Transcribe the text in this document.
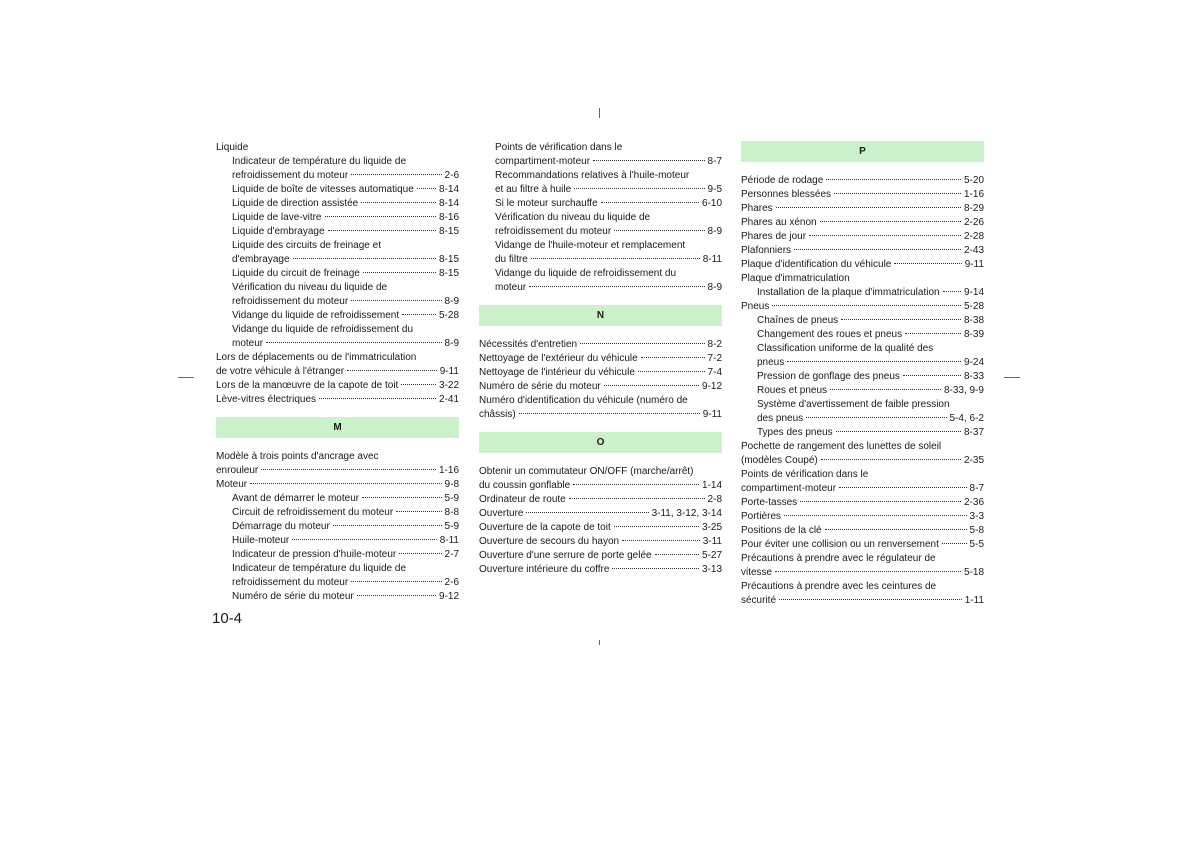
Liquide
Indicateur de température du liquide de
refroidissement du moteur	2-6
Liquide de boîte de vitesses automatique	8-14
Liquide de direction assistée	8-14
Liquide de lave-vitre	8-16
Liquide d'embrayage	8-15
Liquide des circuits de freinage et
d'embrayage	8-15
Liquide du circuit de freinage	8-15
Vérification du niveau du liquide de
refroidissement du moteur	8-9
Vidange du liquide de refroidissement	5-28
Vidange du liquide de refroidissement du
moteur	8-9
Lors de déplacements ou de l'immatriculation
de votre véhicule à l'étranger	9-11
Lors de la manœuvre de la capote de toit	3-22
Lève-vitres électriques	2-41
M
Modèle à trois points d'ancrage avec
enrouleur	1-16
Moteur	9-8
Avant de démarrer le moteur	5-9
Circuit de refroidissement du moteur	8-8
Démarrage du moteur	5-9
Huile-moteur	8-11
Indicateur de pression d'huile-moteur	2-7
Indicateur de température du liquide de
refroidissement du moteur	2-6
Numéro de série du moteur	9-12
Points de vérification dans le
compartiment-moteur	8-7
Recommandations relatives à l'huile-moteur
et au filtre à huile	9-5
Si le moteur surchauffe	6-10
Vérification du niveau du liquide de
refroidissement du moteur	8-9
Vidange de l'huile-moteur et remplacement
du filtre	8-11
Vidange du liquide de refroidissement du
moteur	8-9
N
Nécessités d'entretien	8-2
Nettoyage de l'extérieur du véhicule	7-2
Nettoyage de l'intérieur du véhicule	7-4
Numéro de série du moteur	9-12
Numéro d'identification du véhicule (numéro de
châssis)	9-11
O
Obtenir un commutateur ON/OFF (marche/arrêt)
du coussin gonflable	1-14
Ordinateur de route	2-8
Ouverture	3-11, 3-12, 3-14
Ouverture de la capote de toit	3-25
Ouverture de secours du hayon	3-11
Ouverture d'une serrure de porte gelée	5-27
Ouverture intérieure du coffre	3-13
P
Période de rodage	5-20
Personnes blessées	1-16
Phares	8-29
Phares au xénon	2-26
Phares de jour	2-28
Plafonniers	2-43
Plaque d'identification du véhicule	9-11
Plaque d'immatriculation
Installation de la plaque d'immatriculation 9-14
Pneus	5-28
Chaînes de pneus	8-38
Changement des roues et pneus	8-39
Classification uniforme de la qualité des
pneus	9-24
Pression de gonflage des pneus	8-33
Roues et pneus	8-33, 9-9
Système d'avertissement de faible pression
des pneus	5-4, 6-2
Types des pneus	8-37
Pochette de rangement des lunettes de soleil
(modèles Coupé)	2-35
Points de vérification dans le
compartiment-moteur	8-7
Porte-tasses	2-36
Portières	3-3
Positions de la clé	5-8
Pour éviter une collision ou un renversement	5-5
Précautions à prendre avec le régulateur de
vitesse	5-18
Précautions à prendre avec les ceintures de
sécurité	1-11
10-4
